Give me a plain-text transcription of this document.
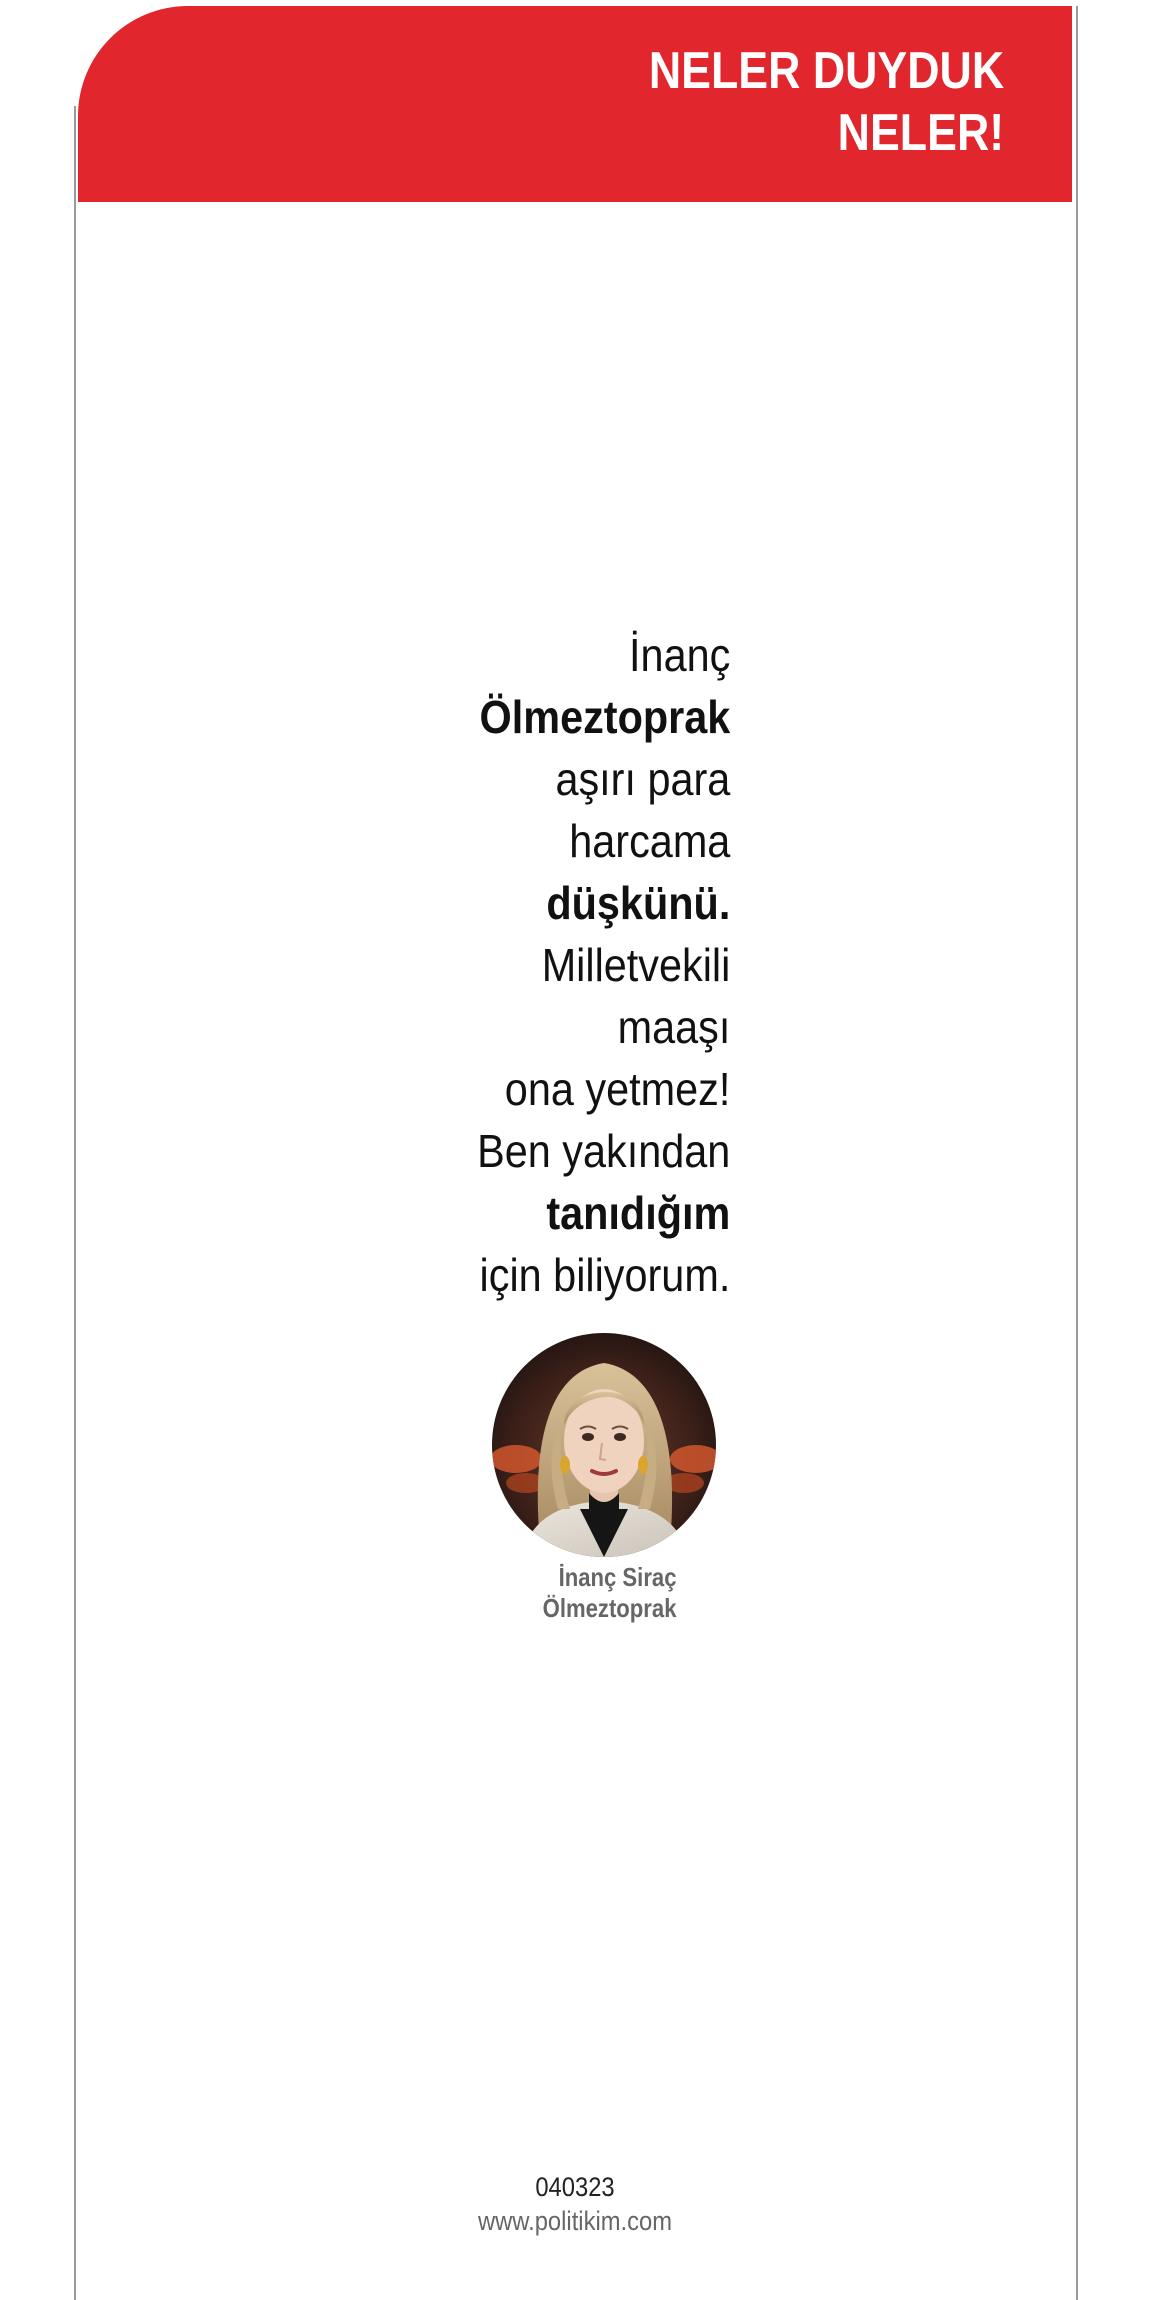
NELER DUYDUK
NELER!
İnanç
Ölmeztoprak
aşırı para
harcama
düşkünü.
Milletvekili
maaşı
ona yetmez!
Ben yakından
tanıdığım
için biliyorum.
İnanç Siraç
Ölmeztoprak
040323
www.politikim.com
